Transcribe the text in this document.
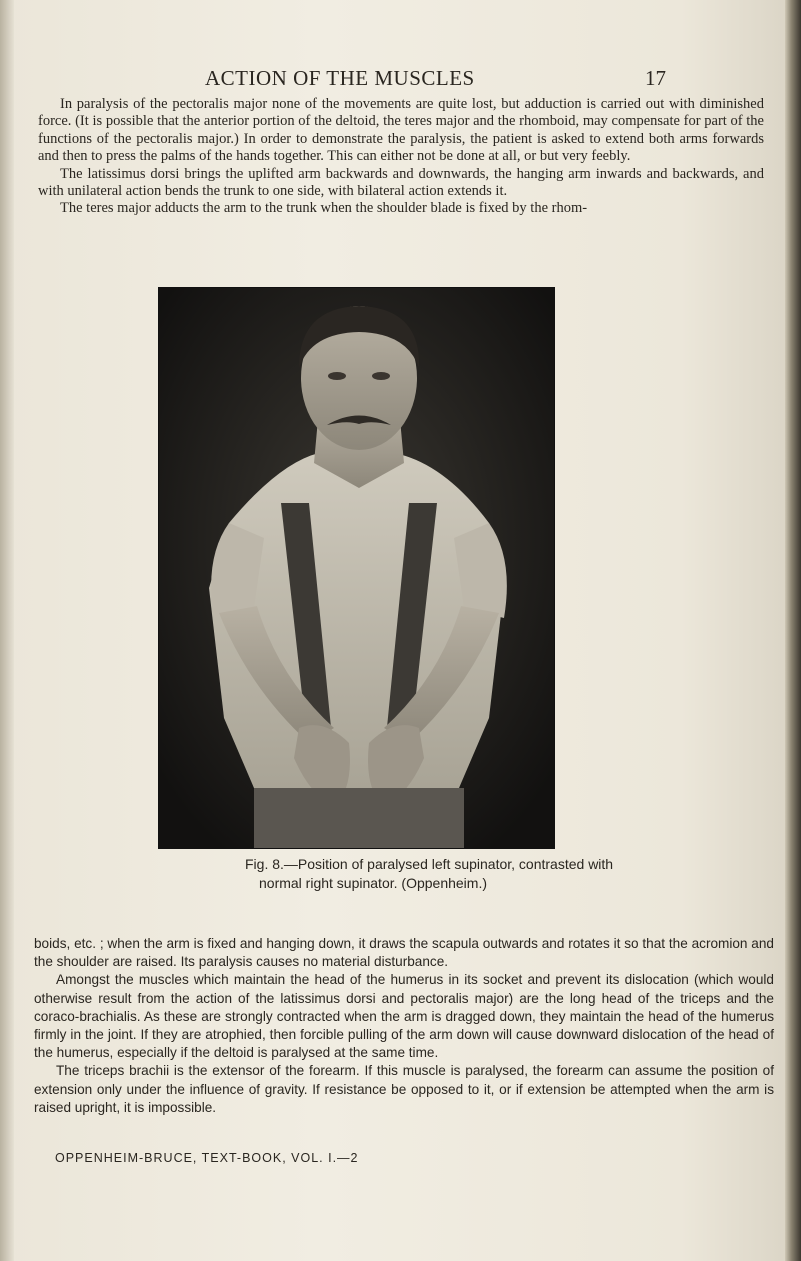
ACTION OF THE MUSCLES	17

In paralysis of the pectoralis major none of the movements are quite lost, but adduction is carried out with diminished force. (It is possible that the anterior portion of the deltoid, the teres major and the rhomboid, may compensate for part of the functions of the pectoralis major.) In order to demonstrate the paralysis, the patient is asked to extend both arms forwards and then to press the palms of the hands together. This can either not be done at all, or but very feebly.

The latissimus dorsi brings the uplifted arm backwards and downwards, the hanging arm inwards and backwards, and with unilateral action bends the trunk to one side, with bilateral action extends it.

The teres major adducts the arm to the trunk when the shoulder blade is fixed by the rhom-

Fig. 8.—Position of paralysed left supinator, contrasted with
normal right supinator. (Oppenheim.)

boids, etc. ; when the arm is fixed and hanging down, it draws the scapula outwards and rotates it so that the acromion and the shoulder are raised. Its paralysis causes no material disturbance.

Amongst the muscles which maintain the head of the humerus in its socket and prevent its dislocation (which would otherwise result from the action of the latissimus dorsi and pectoralis major) are the long head of the triceps and the coraco-brachialis. As these are strongly contracted when the arm is dragged down, they maintain the head of the humerus firmly in the joint. If they are atrophied, then forcible pulling of the arm down will cause downward dislocation of the head of the humerus, especially if the deltoid is paralysed at the same time.

The triceps brachii is the extensor of the forearm. If this muscle is paralysed, the forearm can assume the position of extension only under the influence of gravity. If resistance be opposed to it, or if extension be attempted when the arm is raised upright, it is impossible.

OPPENHEIM-BRUCE, TEXT-BOOK, VOL. I.—2
